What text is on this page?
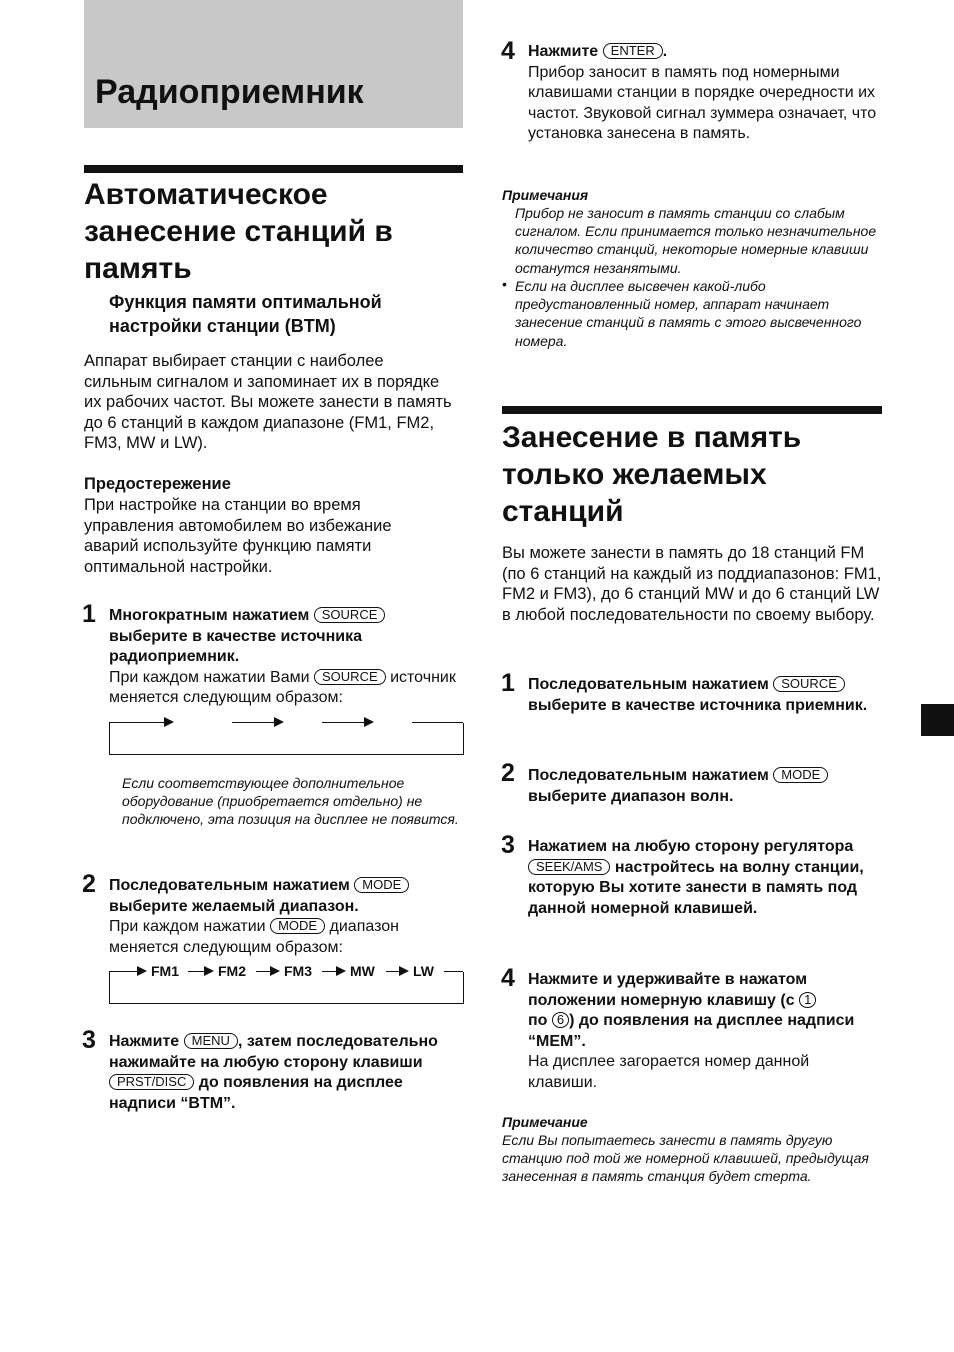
Радиоприемник
Автоматическое занесение станций в память
Функция памяти оптимальной настройки станции (BTM)

Аппарат выбирает станции с наиболее сильным сигналом и запоминает их в порядке их рабочих частот. Вы можете занести в память до 6 станций в каждом диапазоне (FM1, FM2, FM3, MW и LW).

Предостережение

При настройке на станции во время управления автомобилем во избежание аварий используйте функцию памяти оптимальной настройки.

1 Многократным нажатием SOURCE выберите в качестве источника радиоприемник.
При каждом нажатии Вами SOURCE источник меняется следующим образом:

Если соответствующее дополнительное оборудование (приобретается отдельно) не подключено, эта позиция на дисплее не появится.

2 Последовательным нажатием MODE выберите желаемый диапазон.
При каждом нажатии MODE диапазон меняется следующим образом:
FM1	FM2	FM3	MW	LW
3 Нажмите MENU , затем последовательно нажимайте на любую сторону клавиши PRST/DISC до появления на дисплее надписи “BTM”.
4 Нажмите ENTER .
Прибор заносит в память под номерными клавишами станции в порядке очередности их частот. Звуковой сигнал зуммера означает, что установка занесена в память.

Примечания

Прибор не заносит в память станции со слабым сигналом. Если принимается только незначительное количество станций, некоторые номерные клавиши останутся незанятыми.

• Если на дисплее высвечен какой-либо предустановленный номер, аппарат начинает занесение станций в память с этого высвеченного номера.

Занесение в память только желаемых станций

Вы можете занести в память до 18 станций FM (по 6 станций на каждый из поддиапазонов: FM1, FM2 и FM3), до 6 станций MW и до 6 станций LW в любой последовательности по своему выбору.

1 Последовательным нажатием SOURCE выберите в качестве источника приемник.
2 Последовательным нажатием MODE выберите диапазон волн.
3 Нажатием на любую сторону регулятора SEEK/AMS настройтесь на волну станции, которую Вы хотите занести в память под данной номерной клавишей.
4 Нажмите и удерживайте в нажатом положении номерную клавишу (с 1
по 6 ) до появления на дисплее надписи “MEM”.
На дисплее загорается номер данной клавиши.

Примечание

Если Вы попытаетесь занести в память другую станцию под той же номерной клавишей, предыдущая занесенная в память станция будет стерта.
